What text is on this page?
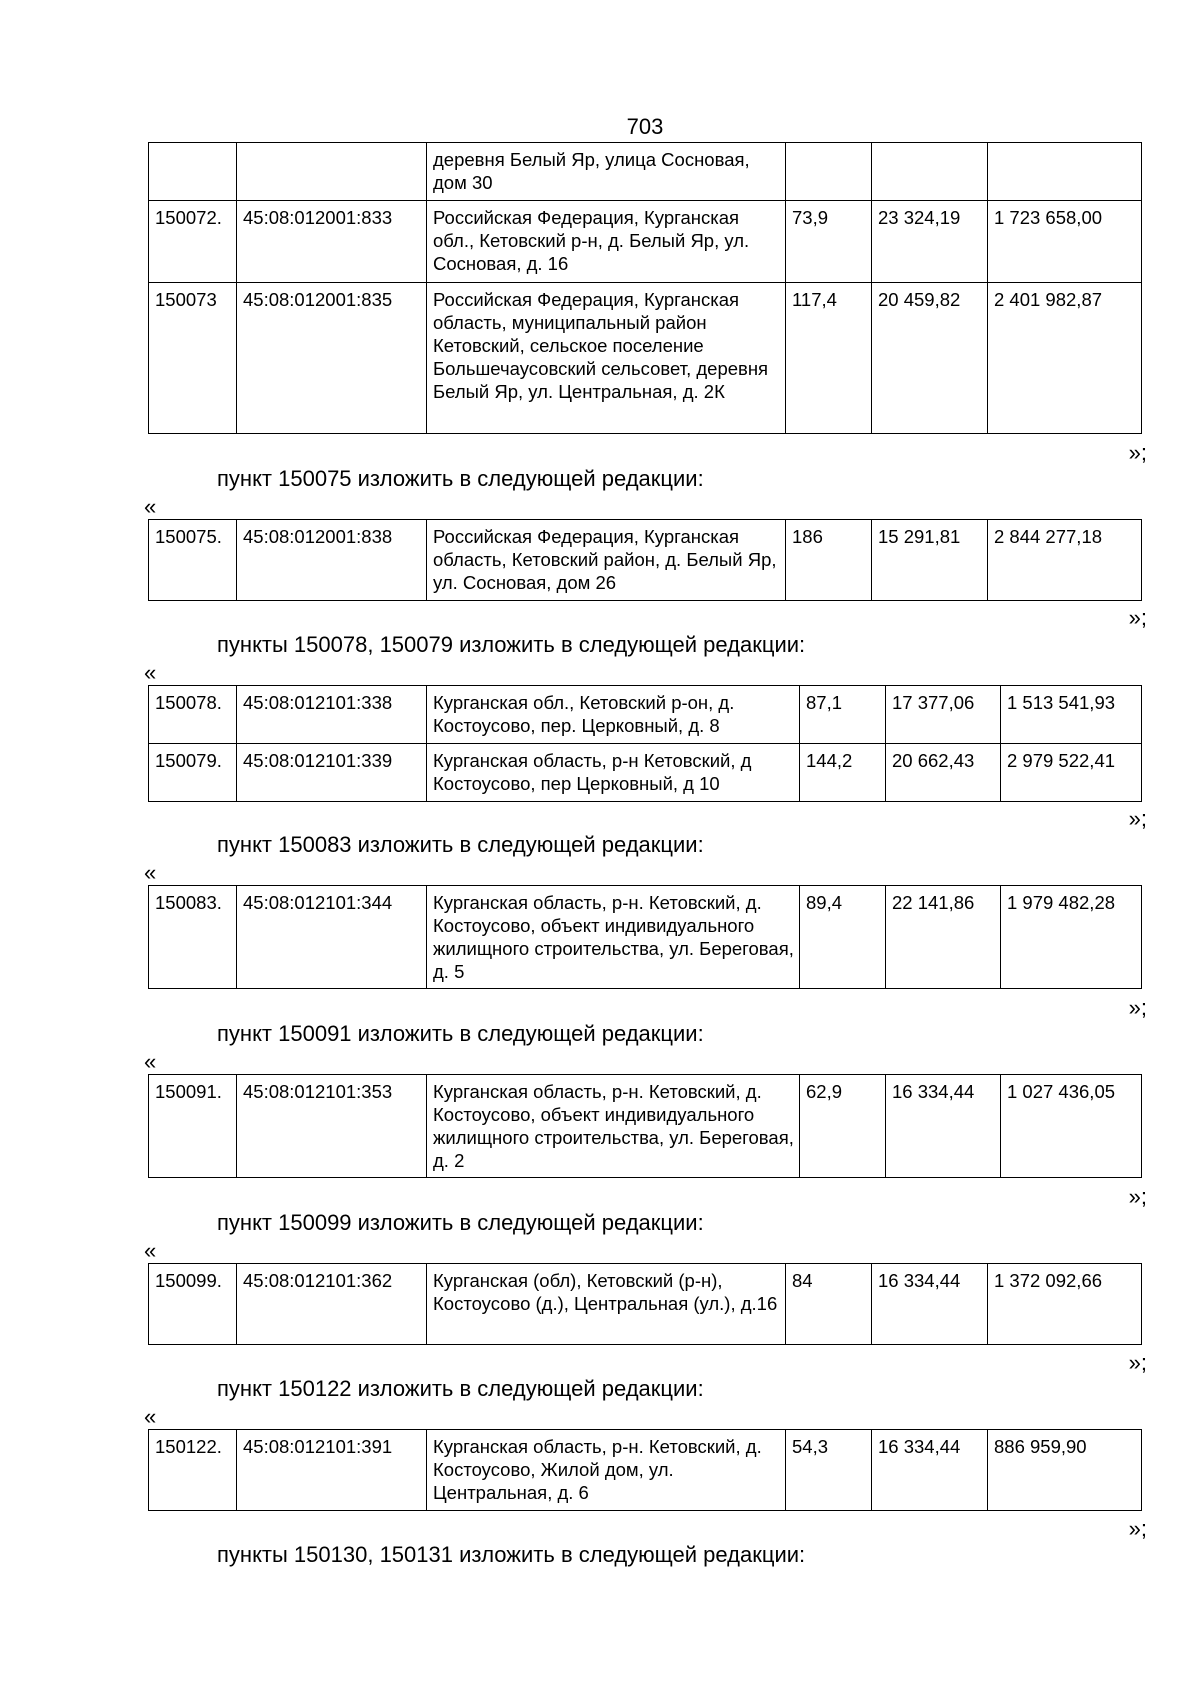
703
		деревня Белый Яр, улица Сосновая, дом 30			
150072.	45:08:012001:833	Российская Федерация, Курганская обл., Кетовский р-н, д. Белый Яр, ул. Сосновая, д. 16	73,9	23 324,19	1 723 658,00
150073	45:08:012001:835	Российская Федерация, Курганская область, муниципальный район Кетовский, сельское поселение Большечаусовский сельсовет, деревня Белый Яр, ул. Центральная, д. 2К	117,4	20 459,82	2 401 982,87
»;
пункт 150075 изложить в следующей редакции:
«
150075.	45:08:012001:838	Российская Федерация, Курганская область, Кетовский район, д. Белый Яр, ул. Сосновая, дом 26	186	15 291,81	2 844 277,18
»;
пункты 150078, 150079 изложить в следующей редакции:
«
150078.	45:08:012101:338	Курганская обл., Кетовский р-он, д. Костоусово, пер. Церковный, д. 8	87,1	17 377,06	1 513 541,93
150079.	45:08:012101:339	Курганская область, р-н Кетовский, д Костоусово, пер Церковный, д 10	144,2	20 662,43	2 979 522,41
»;
пункт 150083 изложить в следующей редакции:
«
150083.	45:08:012101:344	Курганская область, р-н. Кетовский, д. Костоусово, объект индивидуального жилищного строительства, ул. Береговая, д. 5	89,4	22 141,86	1 979 482,28
»;
пункт 150091 изложить в следующей редакции:
«
150091.	45:08:012101:353	Курганская область, р-н. Кетовский, д. Костоусово, объект индивидуального жилищного строительства, ул. Береговая, д. 2	62,9	16 334,44	1 027 436,05
»;
пункт 150099 изложить в следующей редакции:
«
150099.	45:08:012101:362	Курганская (обл), Кетовский (р-н), Костоусово (д.), Центральная (ул.), д.16	84	16 334,44	1 372 092,66
»;
пункт 150122 изложить в следующей редакции:
«
150122.	45:08:012101:391	Курганская область, р-н. Кетовский, д. Костоусово, Жилой дом, ул. Центральная, д. 6	54,3	16 334,44	886 959,90
»;
пункты 150130, 150131 изложить в следующей редакции:
